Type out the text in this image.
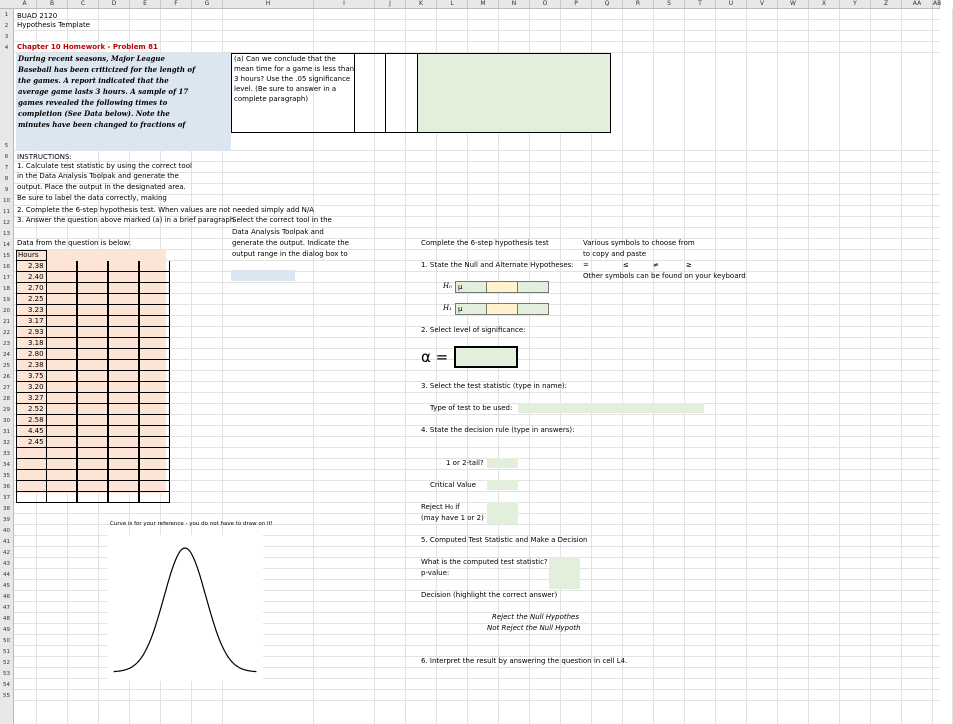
A	B	C	D	E	F	G	H	I	J	K	L	M	N	O	P	Q	R	S	T	U	V	W	X	Y	Z	AA	AB
1
2
3
4
5
6
7
8
9
10
11
12
13
14
15
16
17
18
19
20
21
22
23
24
25
26
27
28
29
30
31
32
33
34
35
36
37
38
39
40
41
42
43
44
45
46
47
48
49
50
51
52
53
54
55
BUAD 2120
Hypothesis Template
Chapter 10 Homework - Problem 81
During recent seasons, Major League
Baseball has been criticized for the length of
the games. A report indicated that the
average game lasts 3 hours. A sample of 17
games revealed the following times to
completion (See Data below). Note the
minutes have been changed to fractions of
(a) Can we conclude that the
mean time for a game is less than
3 hours? Use the .05 significance
level. (Be sure to answer in a
complete paragraph)
INSTRUCTIONS:
1. Calculate test statistic by using the correct tool
in the Data Analysis Toolpak and generate the
output. Place the output in the designated area.
Be sure to label the data correctly, making
2. Complete the 6-step hypothesis test. When values are not needed simply add N/A
3. Answer the question above marked (a) in a brief paragraph
Select the correct tool in the
Data Analysis Toolpak and
generate the output. Indicate the
output range in the dialog box to
Data from the question is below:
Hours
2.38
2.40
2.70
2.25
3.23
3.17
2.93
3.18
2.80
2.38
3.75
3.20
3.27
2.52
2.58
4.45
2.45
Curve is for your reference - you do not have to draw on it!
Complete the 6-step hypothesis test	Various symbols to choose from
to copy and paste
=	≤	≠	≥
Other symbols can be found on your keyboard
1. State the Null and Alternate Hypotheses:
H₀ μ
H₁ μ
2. Select level of significance:
α =
3. Select the test statistic (type in name):
Type of test to be used:
4. State the decision rule (type in answers):
1 or 2-tail?
Critical Value
Reject H₀ if
(may have 1 or 2)
5. Computed Test Statistic and Make a Decision
What is the computed test statistic?
p-value:
Decision (highlight the correct answer)
Reject the Null Hypothes
Not Reject the Null Hypoth
6. Interpret the result by answering the question in cell L4.
